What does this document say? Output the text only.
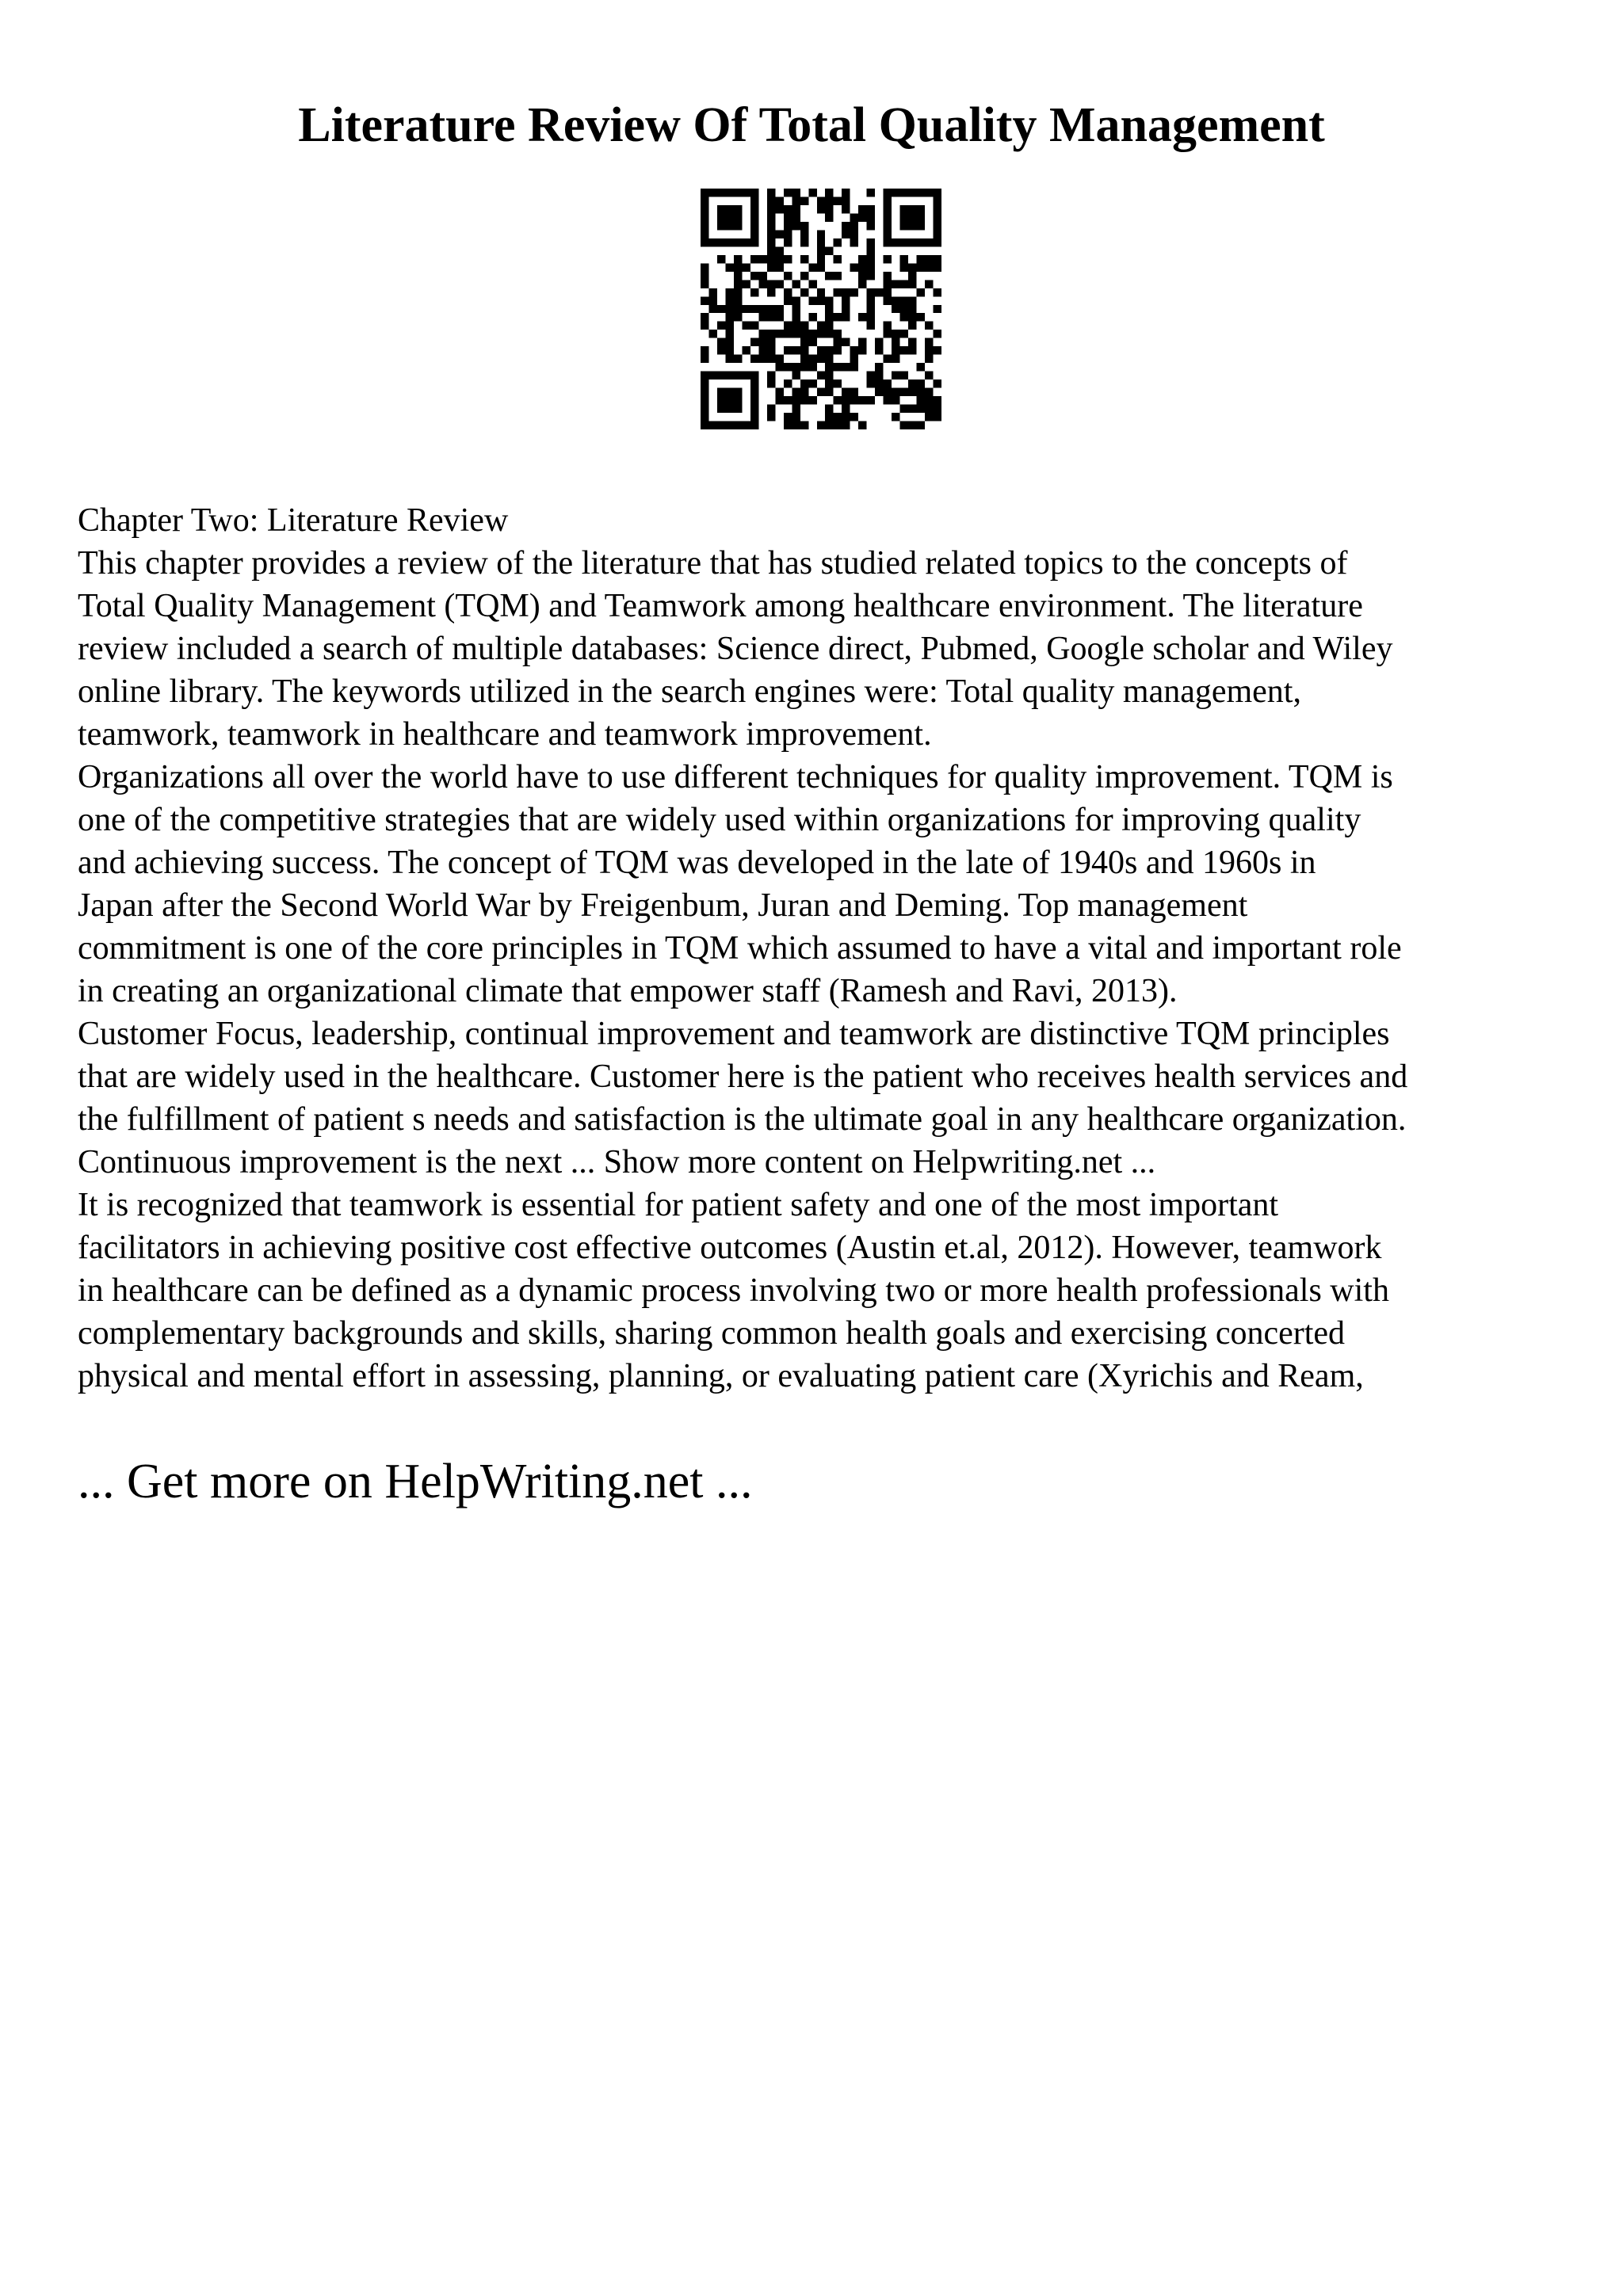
Literature Review Of Total Quality Management
Chapter Two: Literature Review
This chapter provides a review of the literature that has studied related topics to the concepts of
Total Quality Management (TQM) and Teamwork among healthcare environment. The literature
review included a search of multiple databases: Science direct, Pubmed, Google scholar and Wiley
online library. The keywords utilized in the search engines were: Total quality management,
teamwork, teamwork in healthcare and teamwork improvement.
Organizations all over the world have to use different techniques for quality improvement. TQM is
one of the competitive strategies that are widely used within organizations for improving quality
and achieving success. The concept of TQM was developed in the late of 1940s and 1960s in
Japan after the Second World War by Freigenbum, Juran and Deming. Top management
commitment is one of the core principles in TQM which assumed to have a vital and important role
in creating an organizational climate that empower staff (Ramesh and Ravi, 2013).
Customer Focus, leadership, continual improvement and teamwork are distinctive TQM principles
that are widely used in the healthcare. Customer here is the patient who receives health services and
the fulfillment of patient s needs and satisfaction is the ultimate goal in any healthcare organization.
Continuous improvement is the next ... Show more content on Helpwriting.net ...
It is recognized that teamwork is essential for patient safety and one of the most important
facilitators in achieving positive cost effective outcomes (Austin et.al, 2012). However, teamwork
in healthcare can be defined as a dynamic process involving two or more health professionals with
complementary backgrounds and skills, sharing common health goals and exercising concerted
physical and mental effort in assessing, planning, or evaluating patient care (Xyrichis and Ream,
... Get more on HelpWriting.net ...
